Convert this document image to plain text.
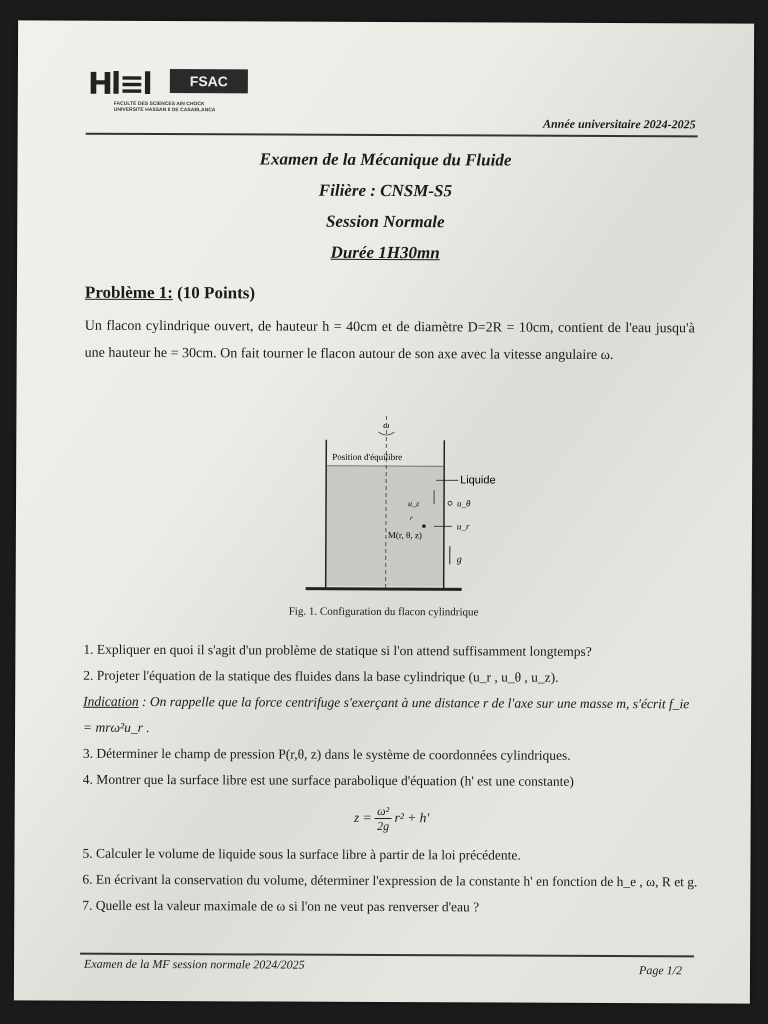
Hl≡l	FSAC
FACULTE DES SCIENCES AIN CHOCK
UNIVERSITE HASSAN II DE CASABLANCA
Année universitaire 2024-2025
Examen de la Mécanique du Fluide
Filière : CNSM-S5
Session Normale
Durée 1H30mn
Problème 1: (10 Points)
Un flacon cylindrique ouvert, de hauteur h = 40cm et de diamètre D=2R = 10cm, contient de l'eau jusqu'à une hauteur he = 30cm. On fait tourner le flacon autour de son axe avec la vitesse angulaire ω.
ω
Position d'équilibre
Liquide
u_z	u_θ
u_r
r
M(r, θ, z)
g
Fig. 1. Configuration du flacon cylindrique

1. Expliquer en quoi il s'agit d'un problème de statique si l'on attend suffisamment longtemps?

2. Projeter l'équation de la statique des fluides dans la base cylindrique (u_r , u_θ , u_z).

Indication : On rappelle que la force centrifuge s'exerçant à une distance r de l'axe sur une masse m, s'écrit f_ie = mrω²u_r .

3. Déterminer le champ de pression P(r,θ, z) dans le système de coordonnées cylindriques.

4. Montrer que la surface libre est une surface parabolique d'équation (h' est une constante)

$z = \frac{\text{ω²}}{2g} r^2 + h'$

5. Calculer le volume de liquide sous la surface libre à partir de la loi précédente.

6. En écrivant la conservation du volume, déterminer l'expression de la constante h' en fonction de h_e , ω, R et g.

7. Quelle est la valeur maximale de ω si l'on ne veut pas renverser d'eau ?

Examen de la MF session normale 2024/2025	Page 1/2
